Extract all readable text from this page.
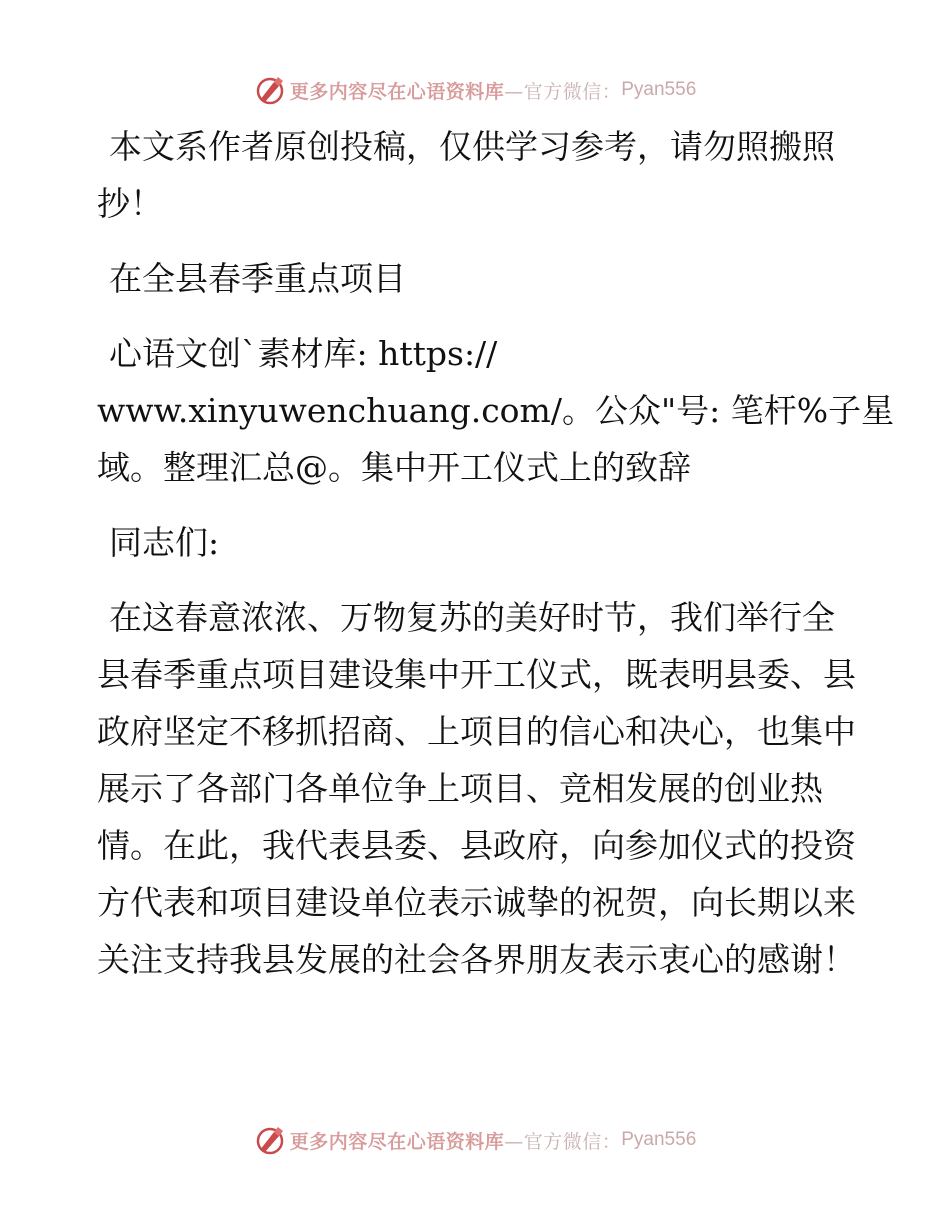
更多内容尽在心语资料库 —官方微信： Pyan556

本文系作者原创投稿，仅供学习参考，请勿照搬照抄！

在全县春季重点项目

心语文创`素材库: https://
www.xinyuwenchuang.com/。公众"号: 笔杆%子星
域。整理汇总@。集中开工仪式上的致辞

同志们:

在这春意浓浓、万物复苏的美好时节，我们举行全县春季重点项目建设集中开工仪式，既表明县委、县政府坚定不移抓招商、上项目的信心和决心，也集中展示了各部门各单位争上项目、竞相发展的创业热情。在此，我代表县委、县政府，向参加仪式的投资方代表和项目建设单位表示诚挚的祝贺，向长期以来关注支持我县发展的社会各界朋友表示衷心的感谢！

更多内容尽在心语资料库 —官方微信： Pyan556
